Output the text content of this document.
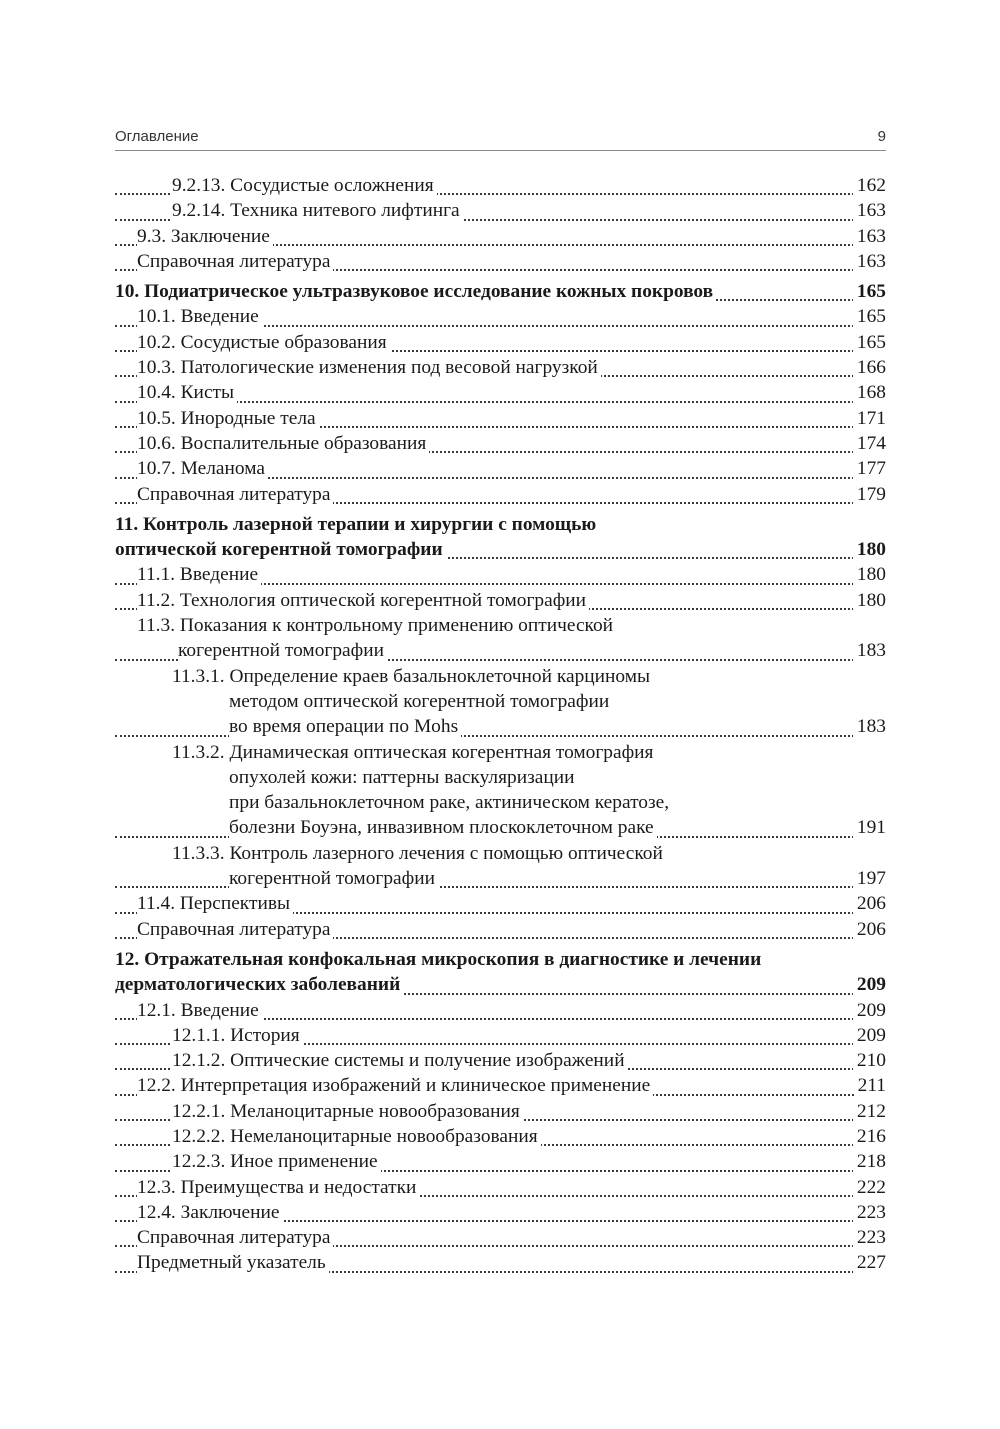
Оглавление	9
9.2.13. Сосудистые осложнения	162
9.2.14. Техника нитевого лифтинга	163
9.3. Заключение	163
Справочная литература	163
10. Подиатрическое ультразвуковое исследование кожных покровов	165
10.1. Введение	165
10.2. Сосудистые образования	165
10.3. Патологические изменения под весовой нагрузкой	166
10.4. Кисты	168
10.5. Инородные тела	171
10.6. Воспалительные образования	174
10.7. Меланома	177
Справочная литература	179
11. Контроль лазерной терапии и хирургии с помощью
оптической когерентной томографии	180
11.1. Введение	180
11.2. Технология оптической когерентной томографии	180
11.3. Показания к контрольному применению оптической
когерентной томографии	183
11.3.1. Определение краев базальноклеточной карциномы
методом оптической когерентной томографии
во время операции по Mohs	183
11.3.2. Динамическая оптическая когерентная томография
опухолей кожи: паттерны васкуляризации
при базальноклеточном раке, актиническом кератозе,
болезни Боуэна, инвазивном плоскоклеточном раке	191
11.3.3. Контроль лазерного лечения с помощью оптической
когерентной томографии	197
11.4. Перспективы	206
Справочная литература	206
12. Отражательная конфокальная микроскопия в диагностике и лечении
дерматологических заболеваний	209
12.1. Введение	209
12.1.1. История	209
12.1.2. Оптические системы и получение изображений	210
12.2. Интерпретация изображений и клиническое применение	211
12.2.1. Меланоцитарные новообразования	212
12.2.2. Немеланоцитарные новообразования	216
12.2.3. Иное применение	218
12.3. Преимущества и недостатки	222
12.4. Заключение	223
Справочная литература	223
Предметный указатель	227
